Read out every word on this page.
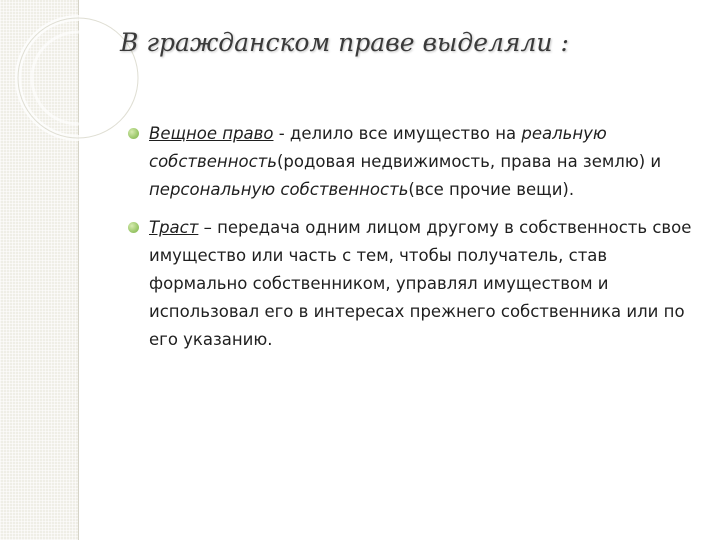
В гражданском праве выделяли :
Вещное право - делило все имущество на реальную собственность(родовая недвижимость, права на землю) и персональную собственность(все прочие вещи).
Траст – передача одним лицом другому в собственность свое имущество или часть с тем, чтобы получатель, став формально собственником, управлял имуществом и использовал его в интересах прежнего собственника или по его указанию.
